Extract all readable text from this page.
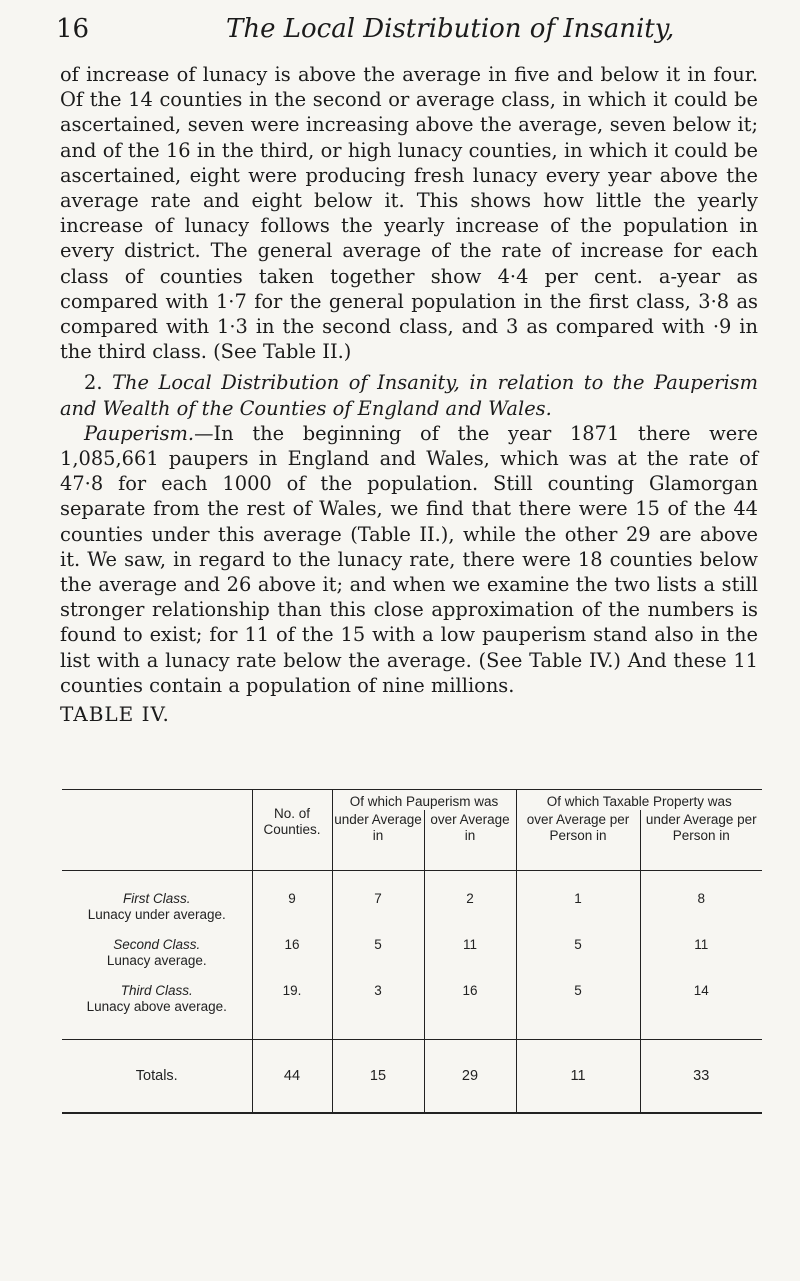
16	The Local Distribution of Insanity,

of increase of lunacy is above the average in five and below it in four. Of the 14 counties in the second or average class, in which it could be ascertained, seven were increasing above the average, seven below it; and of the 16 in the third, or high lunacy counties, in which it could be ascertained, eight were producing fresh lunacy every year above the average rate and eight below it. This shows how little the yearly increase of lunacy follows the yearly increase of the population in every district. The general average of the rate of increase for each class of counties taken together show 4·4 per cent. a-year as compared with 1·7 for the general population in the first class, 3·8 as compared with 1·3 in the second class, and 3 as compared with ·9 in the third class. (See Table II.)

2. The Local Distribution of Insanity, in relation to the Pauperism and Wealth of the Counties of England and Wales.

Pauperism.—In the beginning of the year 1871 there were 1,085,661 paupers in England and Wales, which was at the rate of 47·8 for each 1000 of the population. Still counting Glamorgan separate from the rest of Wales, we find that there were 15 of the 44 counties under this average (Table II.), while the other 29 are above it. We saw, in regard to the lunacy rate, there were 18 counties below the average and 26 above it; and when we examine the two lists a still stronger relationship than this close approximation of the numbers is found to exist; for 11 of the 15 with a low pauperism stand also in the list with a lunacy rate below the average. (See Table IV.) And these 11 counties contain a population of nine millions.

TABLE IV.

	No. of Counties.	Of which Pauperism was		Of which Taxable Property was	
		under Average in	over Average in	over Average per Person in	under Average per Person in

First Class.
Lunacy under average.	9	7	2	1	8

Second Class.
Lunacy average.	16	5	11	5	11

Third Class.
Lunacy above average.	19.	3	16	5	14
Totals.	44	15	29	11	33
